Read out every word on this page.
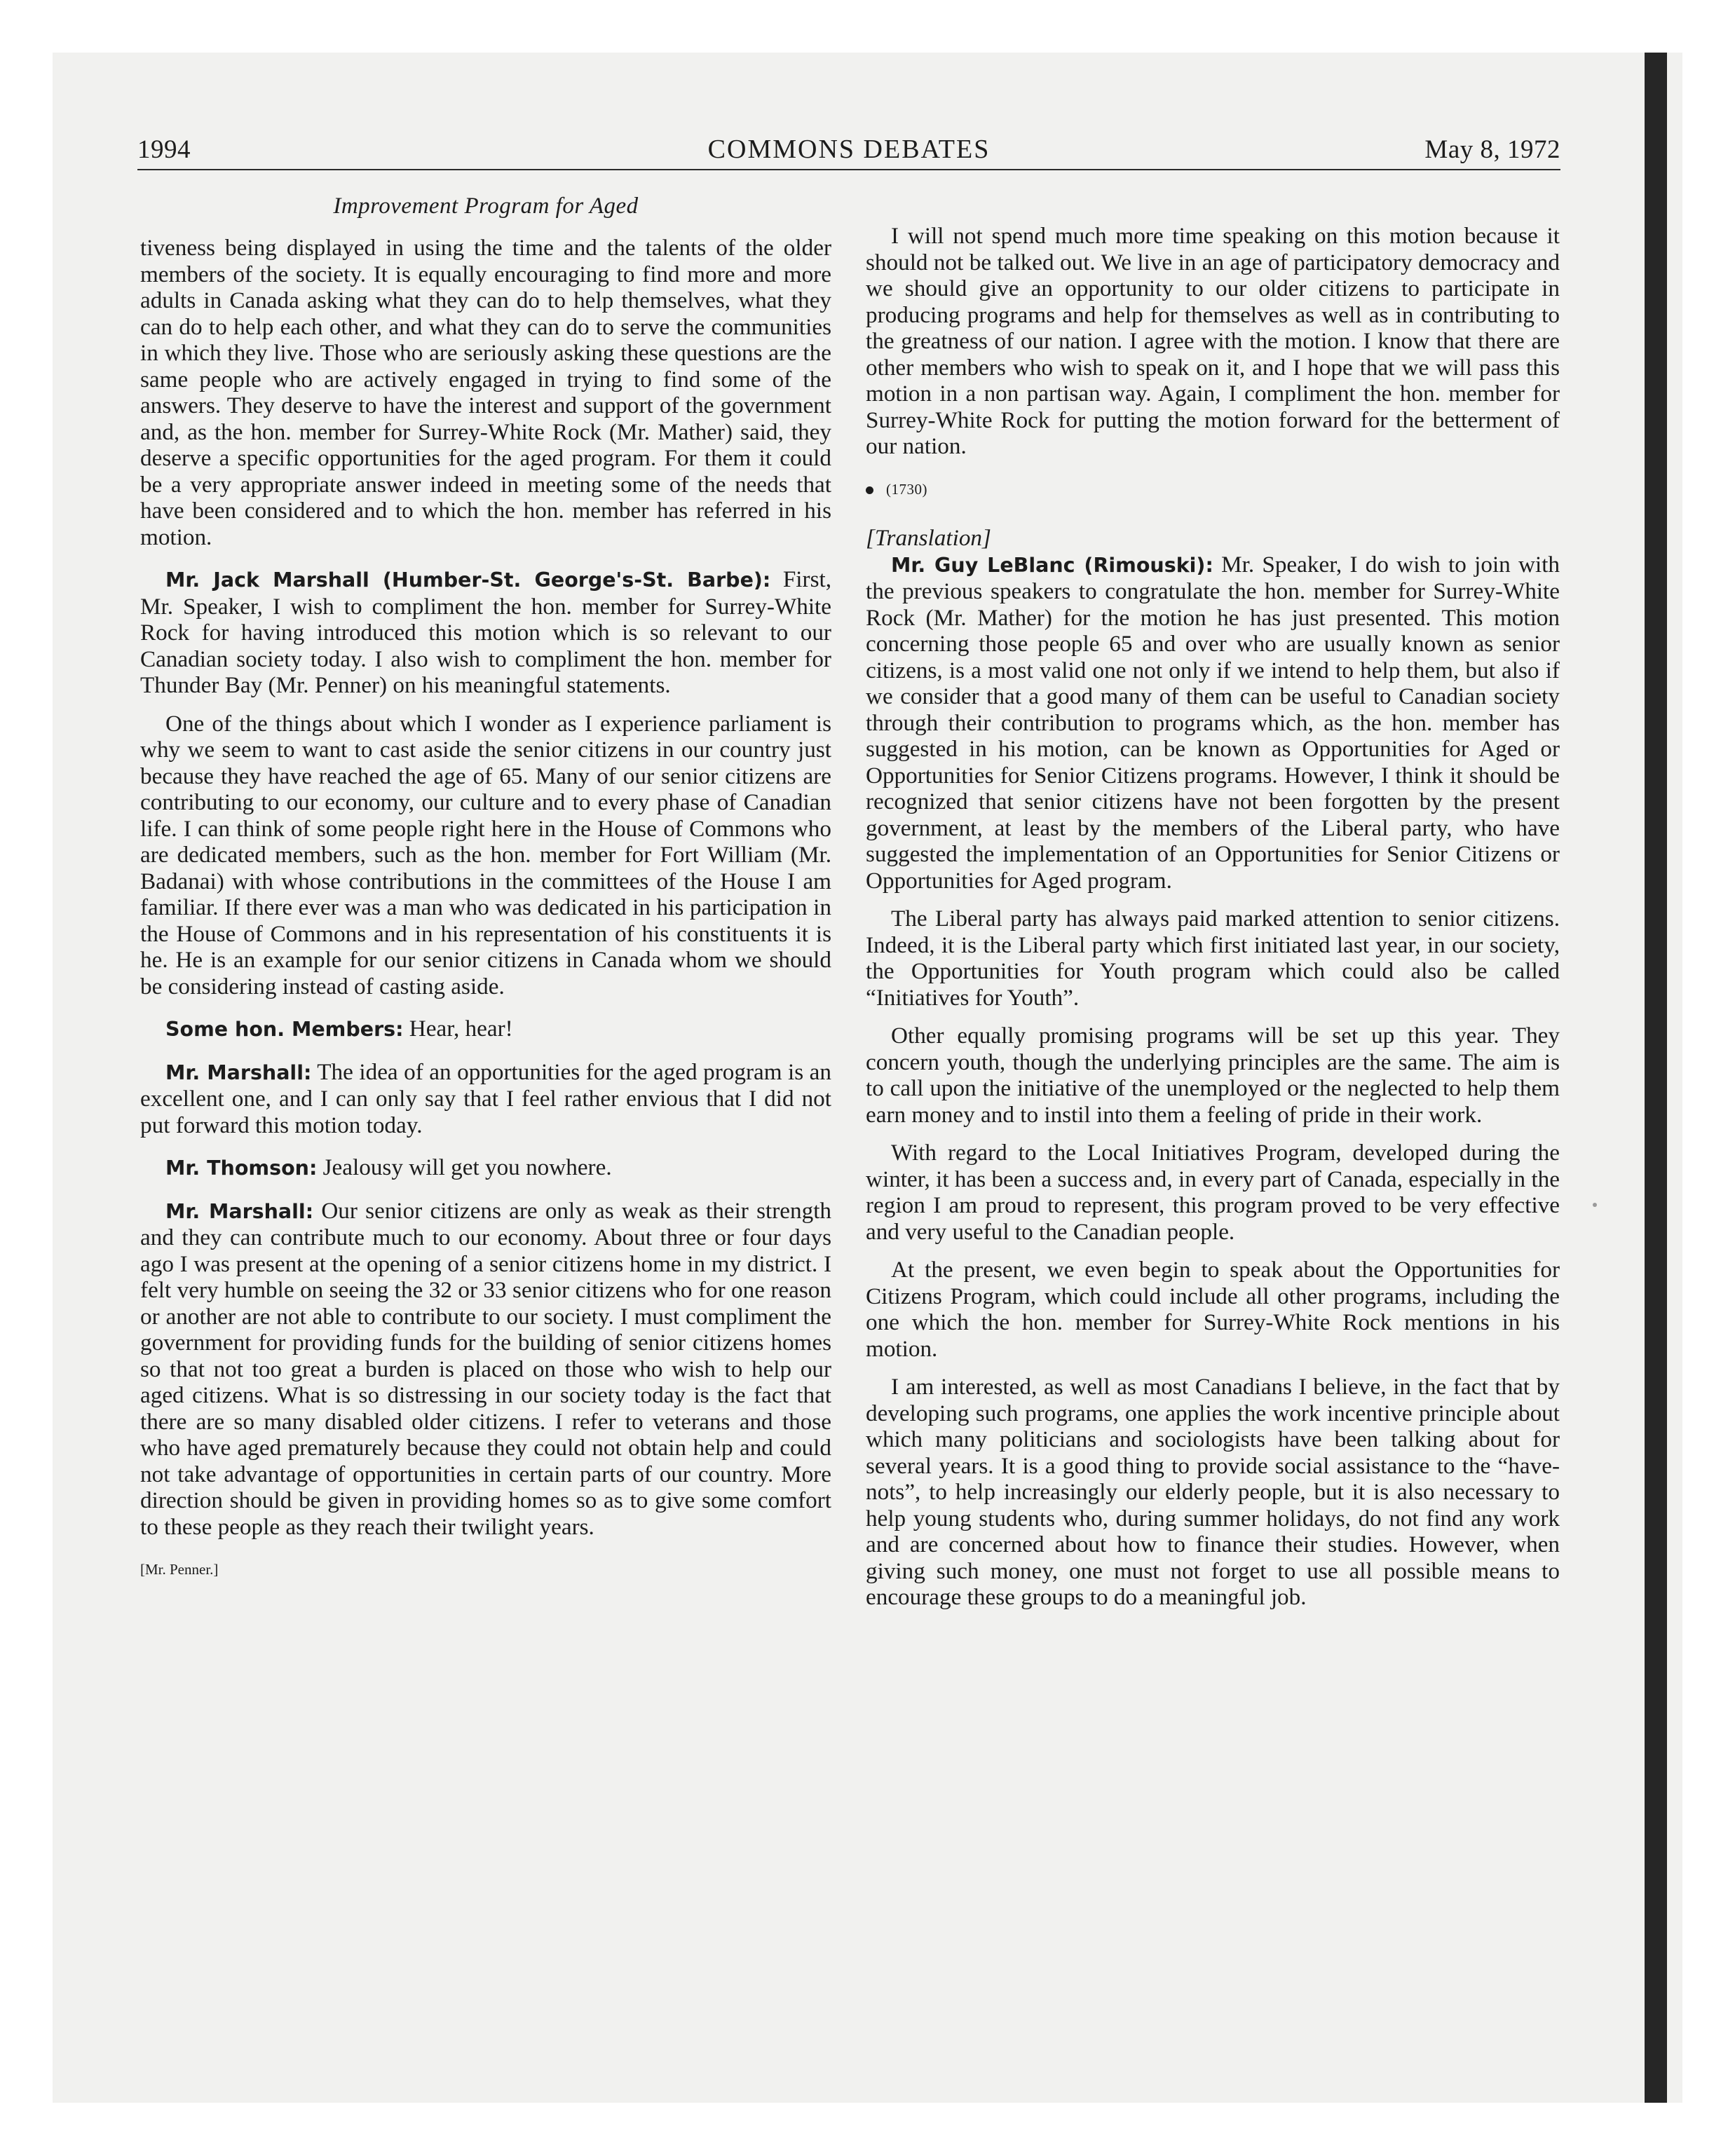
1994	COMMONS DEBATES	May 8, 1972
Improvement Program for Aged

tiveness being displayed in using the time and the talents of the older members of the society. It is equally encouraging to find more and more adults in Canada asking what they can do to help themselves, what they can do to help each other, and what they can do to serve the communities in which they live. Those who are seriously asking these questions are the same people who are actively engaged in trying to find some of the answers. They deserve to have the interest and support of the government and, as the hon. member for Surrey-White Rock (Mr. Mather) said, they deserve a specific opportunities for the aged program. For them it could be a very appropriate answer indeed in meeting some of the needs that have been considered and to which the hon. member has referred in his motion.

Mr. Jack Marshall (Humber-St. George's-St. Barbe): First, Mr. Speaker, I wish to compliment the hon. member for Surrey-White Rock for having introduced this motion which is so relevant to our Canadian society today. I also wish to compliment the hon. member for Thunder Bay (Mr. Penner) on his meaningful statements.

One of the things about which I wonder as I experience parliament is why we seem to want to cast aside the senior citizens in our country just because they have reached the age of 65. Many of our senior citizens are contributing to our economy, our culture and to every phase of Canadian life. I can think of some people right here in the House of Commons who are dedicated members, such as the hon. member for Fort William (Mr. Badanai) with whose contributions in the committees of the House I am familiar. If there ever was a man who was dedicated in his participation in the House of Commons and in his representation of his constituents it is he. He is an example for our senior citizens in Canada whom we should be considering instead of casting aside.

Some hon. Members: Hear, hear!

Mr. Marshall: The idea of an opportunities for the aged program is an excellent one, and I can only say that I feel rather envious that I did not put forward this motion today.

Mr. Thomson: Jealousy will get you nowhere.

Mr. Marshall: Our senior citizens are only as weak as their strength and they can contribute much to our economy. About three or four days ago I was present at the opening of a senior citizens home in my district. I felt very humble on seeing the 32 or 33 senior citizens who for one reason or another are not able to contribute to our society. I must compliment the government for providing funds for the building of senior citizens homes so that not too great a burden is placed on those who wish to help our aged citizens. What is so distressing in our society today is the fact that there are so many disabled older citizens. I refer to veterans and those who have aged prematurely because they could not obtain help and could not take advantage of opportunities in certain parts of our country. More direction should be given in providing homes so as to give some comfort to these people as they reach their twilight years.

[Mr. Penner.]

I will not spend much more time speaking on this motion because it should not be talked out. We live in an age of participatory democracy and we should give an opportunity to our older citizens to participate in producing programs and help for themselves as well as in contributing to the greatness of our nation. I agree with the motion. I know that there are other members who wish to speak on it, and I hope that we will pass this motion in a non partisan way. Again, I compliment the hon. member for Surrey-White Rock for putting the motion forward for the betterment of our nation.

(1730)

[Translation]

Mr. Guy LeBlanc (Rimouski): Mr. Speaker, I do wish to join with the previous speakers to congratulate the hon. member for Surrey-White Rock (Mr. Mather) for the motion he has just presented. This motion concerning those people 65 and over who are usually known as senior citizens, is a most valid one not only if we intend to help them, but also if we consider that a good many of them can be useful to Canadian society through their contribution to programs which, as the hon. member has suggested in his motion, can be known as Opportunities for Aged or Opportunities for Senior Citizens programs. However, I think it should be recognized that senior citizens have not been forgotten by the present government, at least by the members of the Liberal party, who have suggested the implementation of an Opportunities for Senior Citizens or Opportunities for Aged program.

The Liberal party has always paid marked attention to senior citizens. Indeed, it is the Liberal party which first initiated last year, in our society, the Opportunities for Youth program which could also be called “Initiatives for Youth”.

Other equally promising programs will be set up this year. They concern youth, though the underlying principles are the same. The aim is to call upon the initiative of the unemployed or the neglected to help them earn money and to instil into them a feeling of pride in their work.

With regard to the Local Initiatives Program, developed during the winter, it has been a success and, in every part of Canada, especially in the region I am proud to represent, this program proved to be very effective and very useful to the Canadian people.

At the present, we even begin to speak about the Opportunities for Citizens Program, which could include all other programs, including the one which the hon. member for Surrey-White Rock mentions in his motion.

I am interested, as well as most Canadians I believe, in the fact that by developing such programs, one applies the work incentive principle about which many politicians and sociologists have been talking about for several years. It is a good thing to provide social assistance to the “have-nots”, to help increasingly our elderly people, but it is also necessary to help young students who, during summer holidays, do not find any work and are concerned about how to finance their studies. However, when giving such money, one must not forget to use all possible means to encourage these groups to do a meaningful job.
